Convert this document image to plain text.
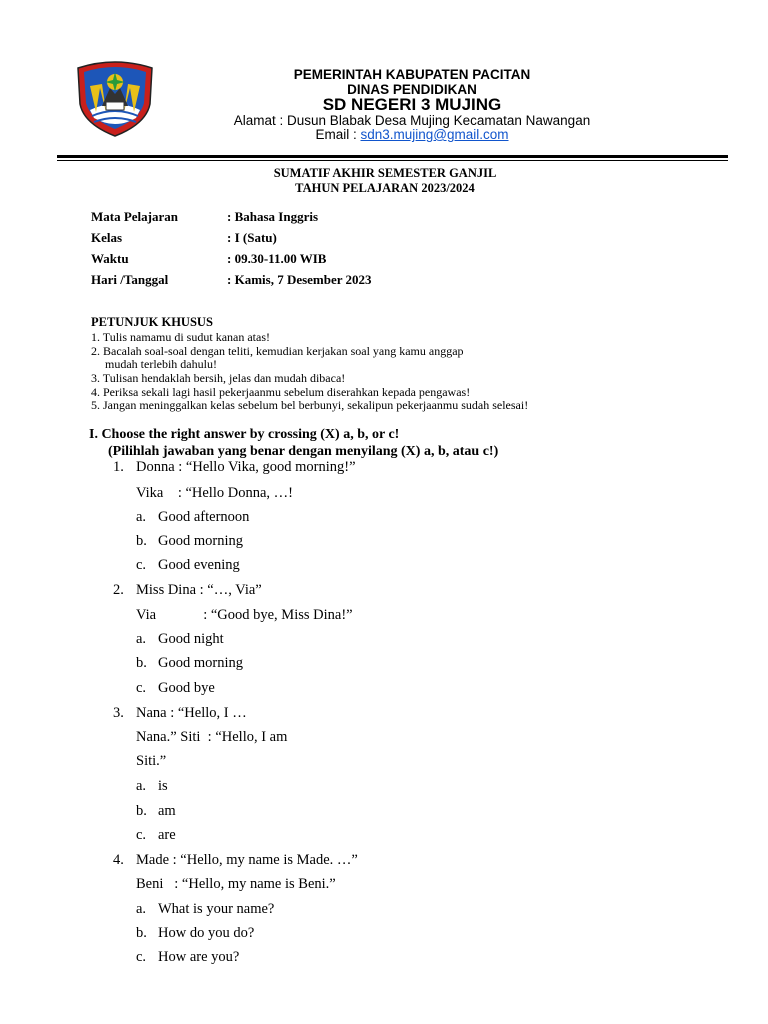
PEMERINTAH KABUPATEN PACITAN
DINAS PENDIDIKAN
SD NEGERI 3 MUJING
Alamat : Dusun Blabak Desa Mujing Kecamatan Nawangan
Email : sdn3.mujing@gmail.com
SUMATIF AKHIR SEMESTER GANJIL
TAHUN PELAJARAN 2023/2024
Mata Pelajaran	: Bahasa Inggris
Kelas	: I (Satu)
Waktu	: 09.30-11.00 WIB
Hari /Tanggal	: Kamis, 7 Desember 2023
PETUNJUK KHUSUS
1. Tulis namamu di sudut kanan atas!
2. Bacalah soal-soal dengan teliti, kemudian kerjakan soal yang kamu anggap
mudah terlebih dahulu!
3. Tulisan hendaklah bersih, jelas dan mudah dibaca!
4. Periksa sekali lagi hasil pekerjaanmu sebelum diserahkan kepada pengawas!
5. Jangan meninggalkan kelas sebelum bel berbunyi, sekalipun pekerjaanmu sudah selesai!
I. Choose the right answer by crossing (X) a, b, or c!
(Pilihlah jawaban yang benar dengan menyilang (X) a, b, atau c!)
1. Donna : “Hello Vika, good morning!”
Vika    : “Hello Donna, …!
a. Good afternoon
b. Good morning
c. Good evening
2. Miss Dina : “…, Via”
Via             : “Good bye, Miss Dina!”
a. Good night
b. Good morning
c. Good bye
3. Nana : “Hello, I …
Nana.” Siti  : “Hello, I am
Siti.”
a. is
b. am
c. are
4. Made : “Hello, my name is Made. …”
Beni   : “Hello, my name is Beni.”
a. What is your name?
b. How do you do?
c. How are you?
